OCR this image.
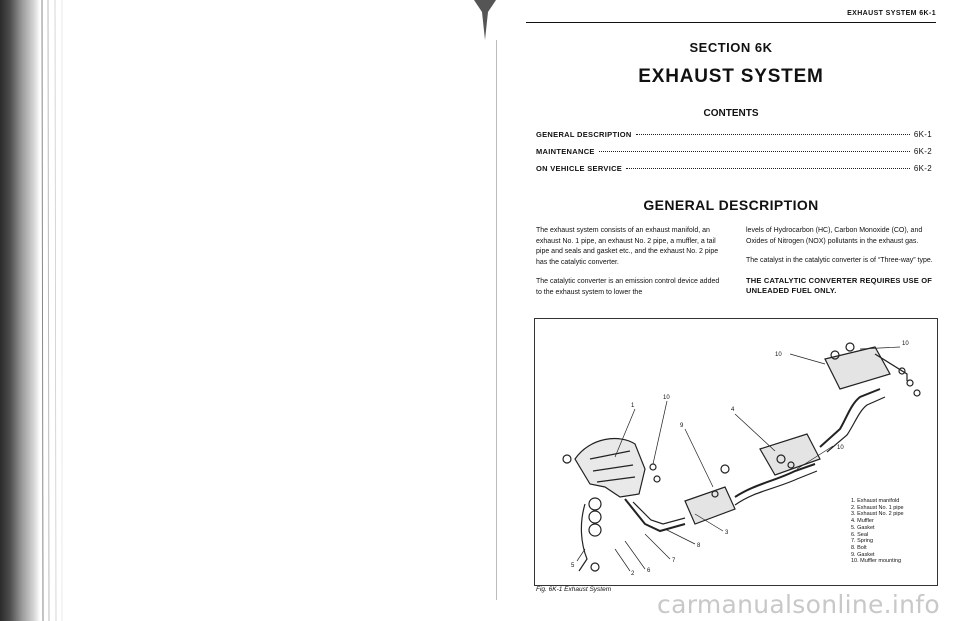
EXHAUST SYSTEM 6K-1
SECTION 6K
EXHAUST SYSTEM
CONTENTS
GENERAL DESCRIPTION	6K-1
MAINTENANCE	6K-2
ON VEHICLE SERVICE	6K-2
GENERAL DESCRIPTION

The exhaust system consists of an exhaust manifold, an exhaust No. 1 pipe, an exhaust No. 2 pipe, a muffler, a tail pipe and seals and gasket etc., and the exhaust No. 2 pipe has the catalytic converter.

The catalytic converter is an emission control device added to the exhaust system to lower the

levels of Hydrocarbon (HC), Carbon Monoxide (CO), and Oxides of Nitrogen (NOX) pollutants in the exhaust gas.

The catalyst in the catalytic converter is of “Three-way” type.

THE CATALYTIC CONVERTER REQUIRES USE OF UNLEADED FUEL ONLY.
10
10
10
1
4
9
10
3
8
7
6
2
5
1. Exhaust manifold
2. Exhaust No. 1 pipe
3. Exhaust No. 2 pipe
4. Muffler
5. Gasket
6. Seal
7. Spring
8. Bolt
9. Gasket
10. Muffler mounting
Fig. 6K-1 Exhaust System
carmanualsonline.info
